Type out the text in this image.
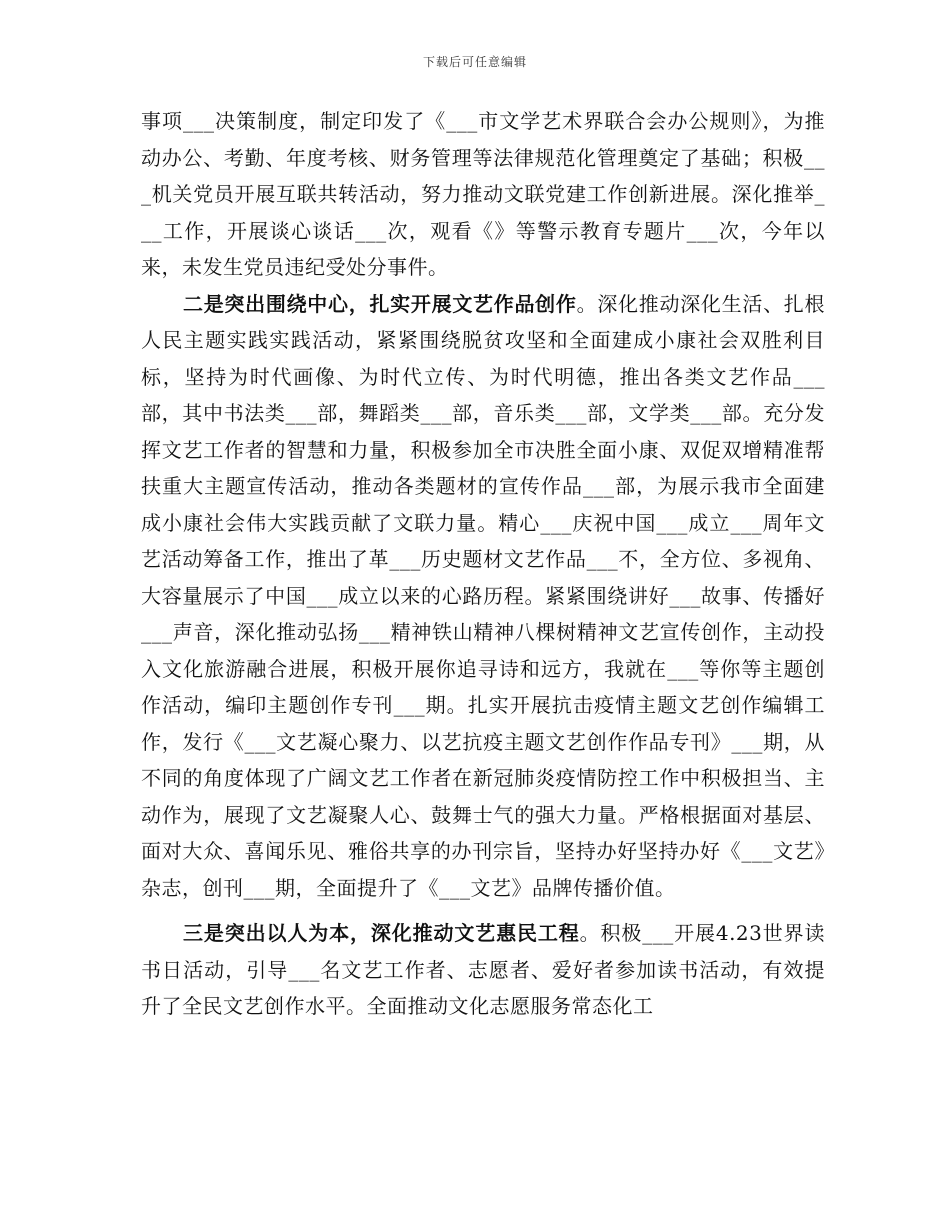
下载后可任意编辑

事项___决策制度，制定印发了《___市文学艺术界联合会办公规则》，为推动办公、考勤、年度考核、财务管理等法律规范化管理奠定了基础；积极___机关党员开展互联共转活动，努力推动文联党建工作创新进展。深化推举___工作，开展谈心谈话___次，观看《》等警示教育专题片___次，今年以来，未发生党员违纪受处分事件。

二是突出围绕中心，扎实开展文艺作品创作。深化推动深化生活、扎根人民主题实践实践活动，紧紧围绕脱贫攻坚和全面建成小康社会双胜利目标，坚持为时代画像、为时代立传、为时代明德，推出各类文艺作品___部，其中书法类___部，舞蹈类___部，音乐类___部，文学类___部。充分发挥文艺工作者的智慧和力量，积极参加全市决胜全面小康、双促双增精准帮扶重大主题宣传活动，推动各类题材的宣传作品___部，为展示我市全面建成小康社会伟大实践贡献了文联力量。精心___庆祝中国___成立___周年文艺活动筹备工作，推出了革___历史题材文艺作品___不，全方位、多视角、大容量展示了中国___成立以来的心路历程。紧紧围绕讲好___故事、传播好___声音，深化推动弘扬___精神铁山精神八棵树精神文艺宣传创作，主动投入文化旅游融合进展，积极开展你追寻诗和远方，我就在___等你等主题创作活动，编印主题创作专刊___期。扎实开展抗击疫情主题文艺创作编辑工作，发行《___文艺凝心聚力、以艺抗疫主题文艺创作作品专刊》___期，从不同的角度体现了广阔文艺工作者在新冠肺炎疫情防控工作中积极担当、主动作为，展现了文艺凝聚人心、鼓舞士气的强大力量。严格根据面对基层、面对大众、喜闻乐见、雅俗共享的办刊宗旨，坚持办好坚持办好《___文艺》杂志，创刊___期，全面提升了《___文艺》品牌传播价值。

三是突出以人为本，深化推动文艺惠民工程。积极___开展4.23世界读书日活动，引导___名文艺工作者、志愿者、爱好者参加读书活动，有效提升了全民文艺创作水平。全面推动文化志愿服务常态化工
